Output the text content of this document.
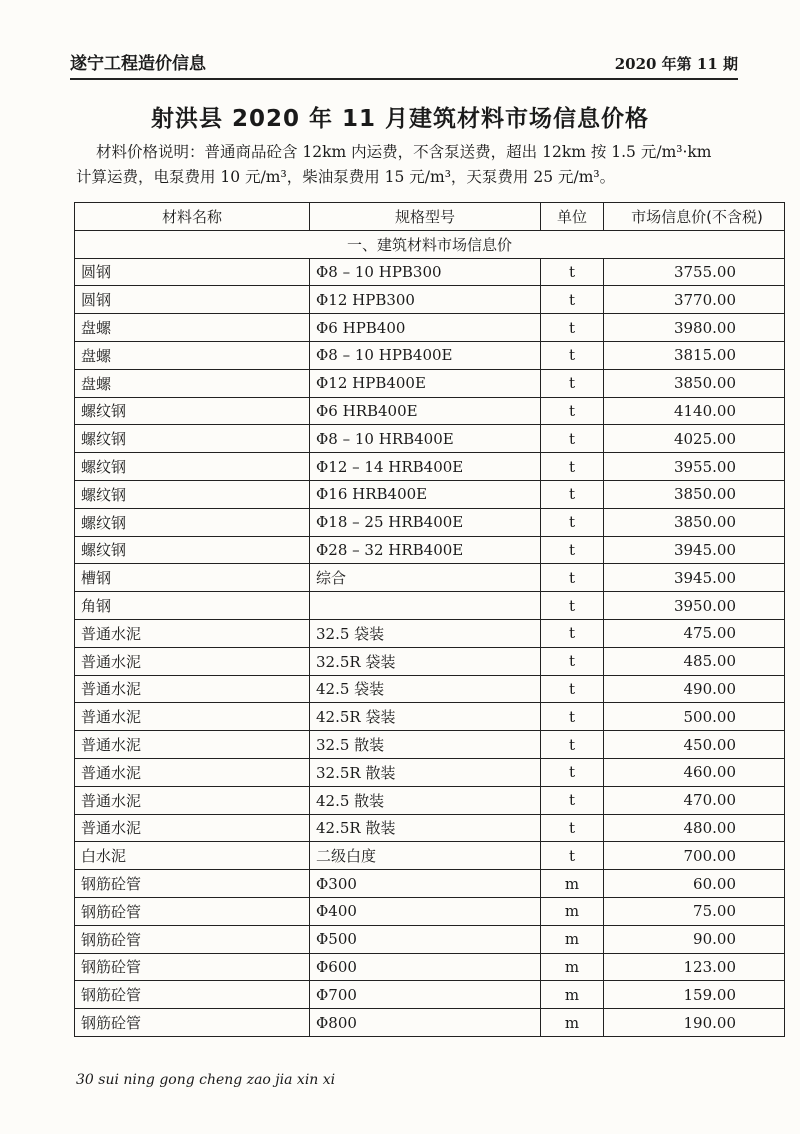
遂宁工程造价信息	2020 年第 11 期
射洪县 2020 年 11 月建筑材料市场信息价格
材料价格说明：普通商品砼含 12km 内运费，不含泵送费，超出 12km 按 1.5 元/m³·km
计算运费，电泵费用 10 元/m³，柴油泵费用 15 元/m³，天泵费用 25 元/m³。
材料名称	规格型号	单位	市场信息价(不含税)
一、建筑材料市场信息价			
圆钢	Φ8 – 10 HPB300	t	3755.00
圆钢	Φ12 HPB300	t	3770.00
盘螺	Φ6 HPB400	t	3980.00
盘螺	Φ8 – 10 HPB400E	t	3815.00
盘螺	Φ12 HPB400E	t	3850.00
螺纹钢	Φ6 HRB400E	t	4140.00
螺纹钢	Φ8 – 10 HRB400E	t	4025.00
螺纹钢	Φ12 – 14 HRB400E	t	3955.00
螺纹钢	Φ16 HRB400E	t	3850.00
螺纹钢	Φ18 – 25 HRB400E	t	3850.00
螺纹钢	Φ28 – 32 HRB400E	t	3945.00
槽钢	综合	t	3945.00
角钢		t	3950.00
普通水泥	32.5 袋装	t	475.00
普通水泥	32.5R 袋装	t	485.00
普通水泥	42.5 袋装	t	490.00
普通水泥	42.5R 袋装	t	500.00
普通水泥	32.5 散装	t	450.00
普通水泥	32.5R 散装	t	460.00
普通水泥	42.5 散装	t	470.00
普通水泥	42.5R 散装	t	480.00
白水泥	二级白度	t	700.00
钢筋砼管	Φ300	m	60.00
钢筋砼管	Φ400	m	75.00
钢筋砼管	Φ500	m	90.00
钢筋砼管	Φ600	m	123.00
钢筋砼管	Φ700	m	159.00
钢筋砼管	Φ800	m	190.00
30 sui ning gong cheng zao jia xin xi
